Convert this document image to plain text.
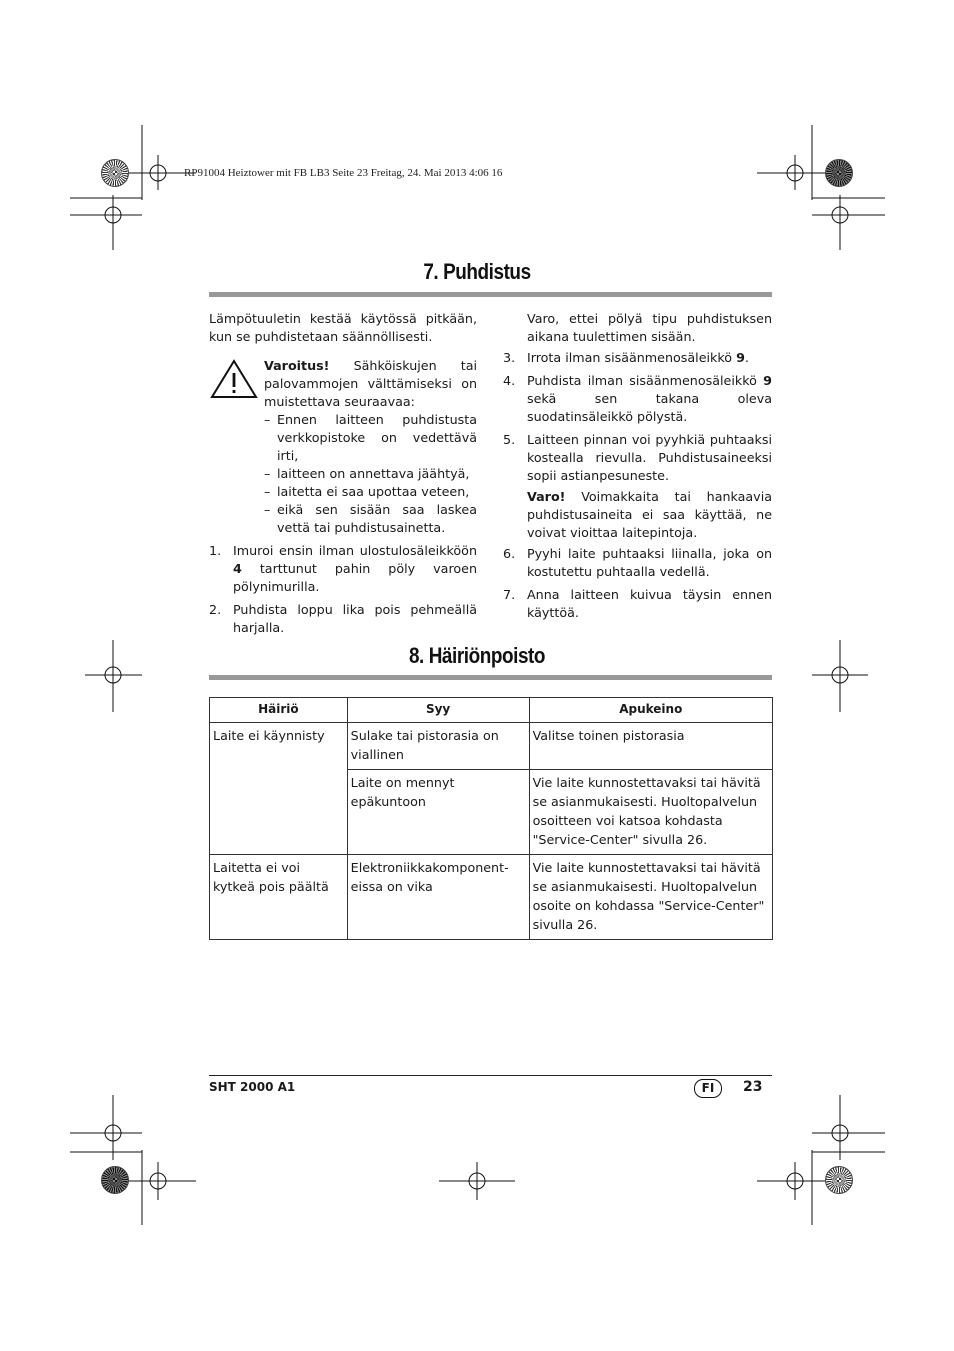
RP91004 Heiztower mit FB LB3 Seite 23 Freitag, 24. Mai 2013 4:06 16
7. Puhdistus

Lämpötuuletin kestää käytössä pitkään, kun se puhdistetaan säännöllisesti.

Varoitus! Sähköiskujen tai palovammojen välttämiseksi on muistettava seuraavaa:

– Ennen laitteen puhdistusta verkkopistoke on vedettävä irti,
– laitteen on annettava jäähtyä,
– laitetta ei saa upottaa veteen,
– eikä sen sisään saa laskea vettä tai puhdistusainetta.
1. Imuroi ensin ilman ulostulosäleikköön 4 tarttunut pahin pöly varoen pölynimurilla.
2. Puhdista loppu lika pois pehmeällä harjalla.

Varo, ettei pölyä tipu puhdistuksen aikana tuulettimen sisään.

3. Irrota ilman sisäänmenosäleikkö 9.
4. Puhdista ilman sisäänmenosäleikkö 9 sekä sen takana oleva suodatinsäleikkö pölystä.
5. Laitteen pinnan voi pyyhkiä puhtaaksi kostealla rievulla. Puhdistusaineeksi sopii astianpesuneste.

Varo! Voimakkaita tai hankaavia puhdistusaineita ei saa käyttää, ne voivat vioittaa laitepintoja.

6. Pyyhi laite puhtaaksi liinalla, joka on kostutettu puhtaalla vedellä.
7. Anna laitteen kuivua täysin ennen käyttöä.
8. Häiriönpoisto
Häiriö	Syy	Apukeino
Laite ei käynnisty	Sulake tai pistorasia on viallinen	Valitse toinen pistorasia
	Laite on mennyt epäkuntoon	Vie laite kunnostettavaksi tai hävitä se asianmukaisesti. Huoltopalvelun osoitteen voi katsoa kohdasta "Service-Center" sivulla 26.
Laitetta ei voi kytkeä pois päältä	Elektroniikkakomponenteissa on vika	Vie laite kunnostettavaksi tai hävitä se asianmukaisesti. Huoltopalvelun osoite on kohdassa "Service-Center" sivulla 26.
SHT 2000 A1	FI	23
